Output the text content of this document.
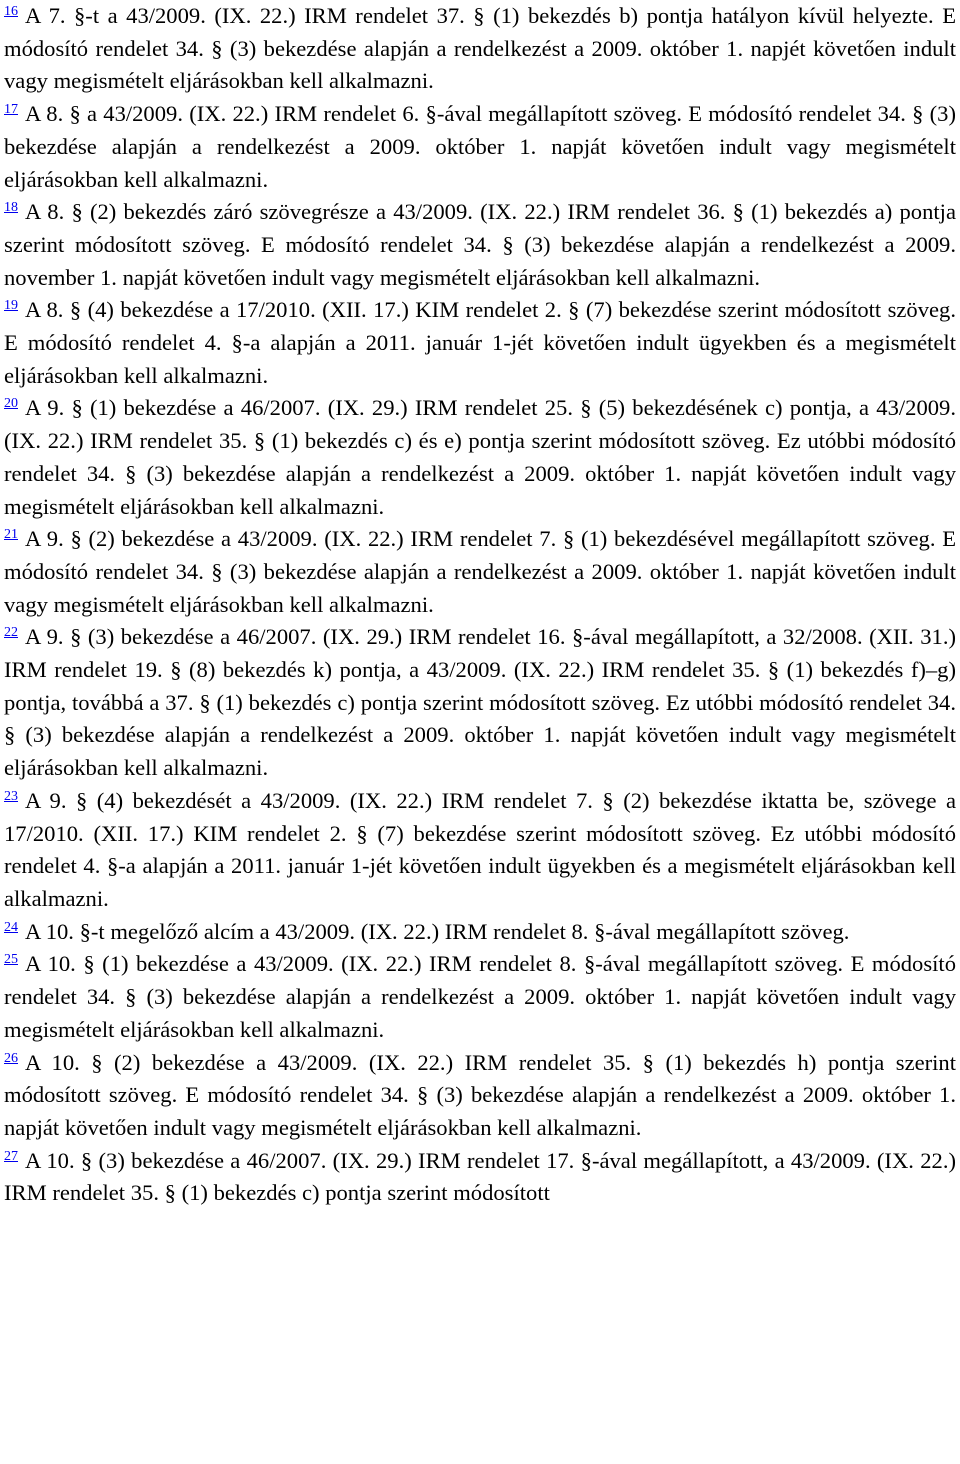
$^{16}$ A 7. §-t a 43/2009. (IX. 22.) IRM rendelet 37. § (1) bekezdés b) pontja hatályon kívül helyezte. E módosító rendelet 34. § (3) bekezdése alapján a rendelkezést a 2009. október 1. napjét követően indult vagy megismételt eljárásokban kell alkalmazni.

$^{17}$ A 8. § a 43/2009. (IX. 22.) IRM rendelet 6. §-ával megállapított szöveg. E módosító rendelet 34. § (3) bekezdése alapján a rendelkezést a 2009. október 1. napját követően indult vagy megismételt eljárásokban kell alkalmazni.

$^{18}$ A 8. § (2) bekezdés záró szövegrésze a 43/2009. (IX. 22.) IRM rendelet 36. § (1) bekezdés a) pontja szerint módosított szöveg. E módosító rendelet 34. § (3) bekezdése alapján a rendelkezést a 2009. november 1. napját követően indult vagy megismételt eljárásokban kell alkalmazni.

$^{19}$ A 8. § (4) bekezdése a 17/2010. (XII. 17.) KIM rendelet 2. § (7) bekezdése szerint módosított szöveg. E módosító rendelet 4. §-a alapján a 2011. január 1-jét követően indult ügyekben és a megismételt eljárásokban kell alkalmazni.

$^{20}$ A 9. § (1) bekezdése a 46/2007. (IX. 29.) IRM rendelet 25. § (5) bekezdésének c) pontja, a 43/2009. (IX. 22.) IRM rendelet 35. § (1) bekezdés c) és e) pontja szerint módosított szöveg. Ez utóbbi módosító rendelet 34. § (3) bekezdése alapján a rendelkezést a 2009. október 1. napját követően indult vagy megismételt eljárásokban kell alkalmazni.

$^{21}$ A 9. § (2) bekezdése a 43/2009. (IX. 22.) IRM rendelet 7. § (1) bekezdésével megállapított szöveg. E módosító rendelet 34. § (3) bekezdése alapján a rendelkezést a 2009. október 1. napját követően indult vagy megismételt eljárásokban kell alkalmazni.

$^{22}$ A 9. § (3) bekezdése a 46/2007. (IX. 29.) IRM rendelet 16. §-ával megállapított, a 32/2008. (XII. 31.) IRM rendelet 19. § (8) bekezdés k) pontja, a 43/2009. (IX. 22.) IRM rendelet 35. § (1) bekezdés f)–g) pontja, továbbá a 37. § (1) bekezdés c) pontja szerint módosított szöveg. Ez utóbbi módosító rendelet 34. § (3) bekezdése alapján a rendelkezést a 2009. október 1. napját követően indult vagy megismételt eljárásokban kell alkalmazni.

$^{23}$ A 9. § (4) bekezdését a 43/2009. (IX. 22.) IRM rendelet 7. § (2) bekezdése iktatta be, szövege a 17/2010. (XII. 17.) KIM rendelet 2. § (7) bekezdése szerint módosított szöveg. Ez utóbbi módosító rendelet 4. §-a alapján a 2011. január 1-jét követően indult ügyekben és a megismételt eljárásokban kell alkalmazni.

$^{24}$ A 10. §-t megelőző alcím a 43/2009. (IX. 22.) IRM rendelet 8. §-ával megállapított szöveg.

$^{25}$ A 10. § (1) bekezdése a 43/2009. (IX. 22.) IRM rendelet 8. §-ával megállapított szöveg. E módosító rendelet 34. § (3) bekezdése alapján a rendelkezést a 2009. október 1. napját követően indult vagy megismételt eljárásokban kell alkalmazni.

$^{26}$ A 10. § (2) bekezdése a 43/2009. (IX. 22.) IRM rendelet 35. § (1) bekezdés h) pontja szerint módosított szöveg. E módosító rendelet 34. § (3) bekezdése alapján a rendelkezést a 2009. október 1. napját követően indult vagy megismételt eljárásokban kell alkalmazni.

$^{27}$ A 10. § (3) bekezdése a 46/2007. (IX. 29.) IRM rendelet 17. §-ával megállapított, a 43/2009. (IX. 22.) IRM rendelet 35. § (1) bekezdés c) pontja szerint módosított
